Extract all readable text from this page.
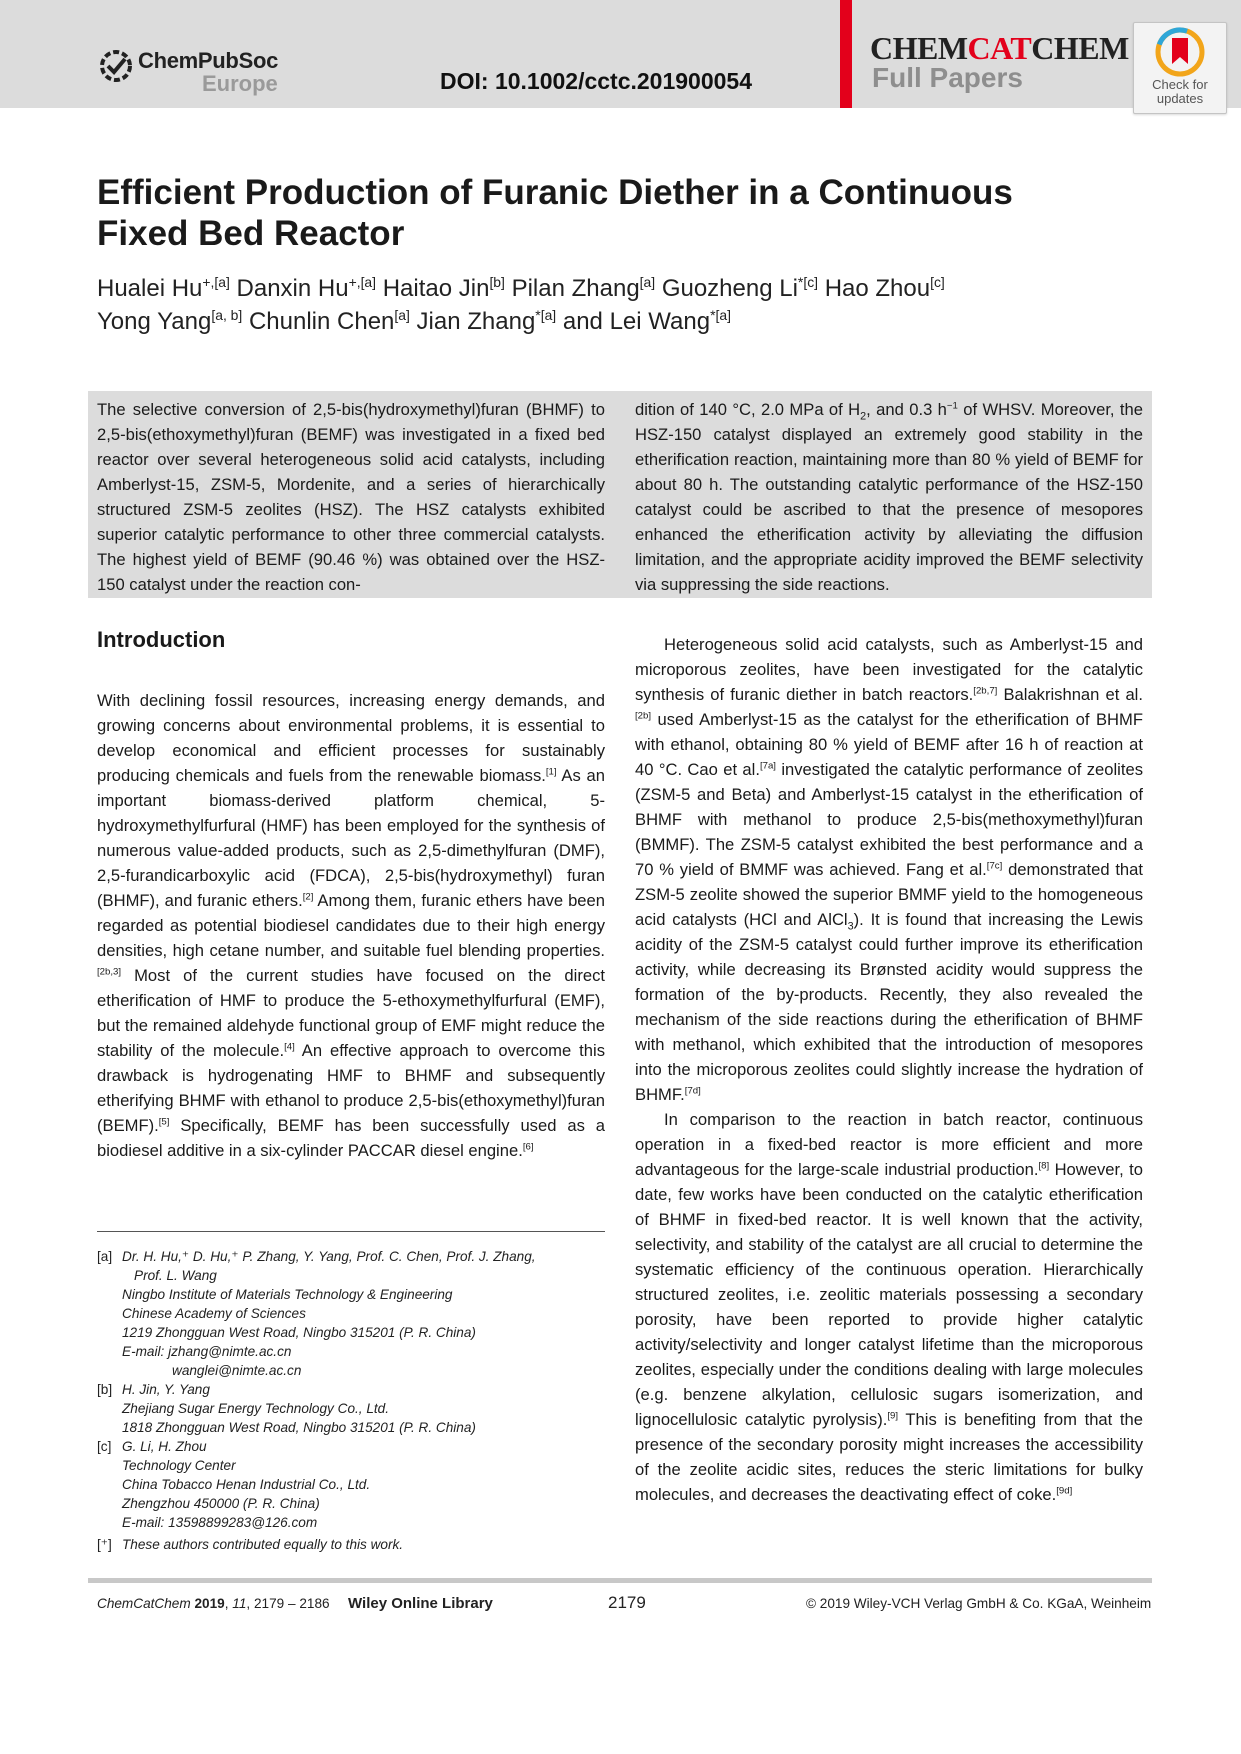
ChemPubSoc
Europe	DOI: 10.1002/cctc.201900054
CHEMCATCHEM
Full Papers	Check for
updates
Efficient Production of Furanic Diether in a Continuous Fixed Bed Reactor
Hualei $Hu^{+,[a]}$ Danxin $Hu^{+,[a]}$ Haitao Jin[b] Pilan Zhang[a] Guozheng $Li^{*[c]}$ Hao Zhou[c]
Yong Yang[a, b] Chunlin Chen[a] Jian Zhang$^{*[a]}$ and Lei Wang$^{*[a]}$
The selective conversion of 2,5-bis(hydroxymethyl)furan (BHMF) to 2,5-bis(ethoxymethyl)furan (BEMF) was investigated in a fixed bed reactor over several heterogeneous solid acid catalysts, including Amberlyst-15, ZSM-5, Mordenite, and a series of hierarchically structured ZSM-5 zeolites (HSZ). The HSZ catalysts exhibited superior catalytic performance to other three commercial catalysts. The highest yield of BEMF (90.46 %) was obtained over the HSZ-150 catalyst under the reaction con-
dition of 140 °C, 2.0 MPa of $H_2$, and 0.3 $h^{-1}$ of WHSV. Moreover, the HSZ-150 catalyst displayed an extremely good stability in the etherification reaction, maintaining more than 80 % yield of BEMF for about 80 h. The outstanding catalytic performance of the HSZ-150 catalyst could be ascribed to that the presence of mesopores enhanced the etherification activity by alleviating the diffusion limitation, and the appropriate acidity improved the BEMF selectivity via suppressing the side reactions.
Introduction

With declining fossil resources, increasing energy demands, and growing concerns about environmental problems, it is essential to develop economical and efficient processes for sustainably producing chemicals and fuels from the renewable biomass.[1] As an important biomass-derived platform chemical, 5-hydroxymethylfurfural (HMF) has been employed for the synthesis of numerous value-added products, such as 2,5-dimethylfuran (DMF), 2,5-furandicarboxylic acid (FDCA), 2,5-bis(hydroxymethyl) furan (BHMF), and furanic ethers.[2] Among them, furanic ethers have been regarded as potential biodiesel candidates due to their high energy densities, high cetane number, and suitable fuel blending properties.[2b,3] Most of the current studies have focused on the direct etherification of HMF to produce the 5-ethoxymethylfurfural (EMF), but the remained aldehyde functional group of EMF might reduce the stability of the molecule.[4] An effective approach to overcome this drawback is hydrogenating HMF to BHMF and subsequently etherifying BHMF with ethanol to produce 2,5-bis(ethoxymethyl)furan (BEMF).[5] Specifically, BEMF has been successfully used as a biodiesel additive in a six-cylinder PACCAR diesel engine.[6]

Heterogeneous solid acid catalysts, such as Amberlyst-15 and microporous zeolites, have been investigated for the catalytic synthesis of furanic diether in batch reactors.[2b,7] Balakrishnan et al.[2b] used Amberlyst-15 as the catalyst for the etherification of BHMF with ethanol, obtaining 80 % yield of BEMF after 16 h of reaction at 40 °C. Cao et al.[7a] investigated the catalytic performance of zeolites (ZSM-5 and Beta) and Amberlyst-15 catalyst in the etherification of BHMF with methanol to produce 2,5-bis(methoxymethyl)furan (BMMF). The ZSM-5 catalyst exhibited the best performance and a 70 % yield of BMMF was achieved. Fang et al.[7c] demonstrated that ZSM-5 zeolite showed the superior BMMF yield to the homogeneous acid catalysts (HCl and AlCl$_3$). It is found that increasing the Lewis acidity of the ZSM-5 catalyst could further improve its etherification activity, while decreasing its Brønsted acidity would suppress the formation of the by-products. Recently, they also revealed the mechanism of the side reactions during the etherification of BHMF with methanol, which exhibited that the introduction of mesopores into the microporous zeolites could slightly increase the hydration of BHMF.[7d]

In comparison to the reaction in batch reactor, continuous operation in a fixed-bed reactor is more efficient and more advantageous for the large-scale industrial production.[8] However, to date, few works have been conducted on the catalytic etherification of BHMF in fixed-bed reactor. It is well known that the activity, selectivity, and stability of the catalyst are all crucial to determine the systematic efficiency of the continuous operation. Hierarchically structured zeolites, i.e. zeolitic materials possessing a secondary porosity, have been reported to provide higher catalytic activity/selectivity and longer catalyst lifetime than the microporous zeolites, especially under the conditions dealing with large molecules (e.g. benzene alkylation, cellulosic sugars isomerization, and lignocellulosic catalytic pyrolysis).[9] This is benefiting from that the presence of the secondary porosity might increases the accessibility of the zeolite acidic sites, reduces the steric limitations for bulky molecules, and decreases the deactivating effect of coke.[9d]

[a] Dr. H. Hu,⁺ D. Hu,⁺ P. Zhang, Y. Yang, Prof. C. Chen, Prof. J. Zhang,
Prof. L. Wang
Ningbo Institute of Materials Technology & Engineering
Chinese Academy of Sciences
1219 Zhongguan West Road, Ningbo 315201 (P. R. China)
E-mail: jzhang@nimte.ac.cn
wanglei@nimte.ac.cn
[b] H. Jin, Y. Yang
Zhejiang Sugar Energy Technology Co., Ltd.
1818 Zhongguan West Road, Ningbo 315201 (P. R. China)
[c] G. Li, H. Zhou
Technology Center
China Tobacco Henan Industrial Co., Ltd.
Zhengzhou 450000 (P. R. China)
E-mail: 13598899283@126.com
[⁺] These authors contributed equally to this work.
ChemCatChem 2019, 11, 2179 – 2186 Wiley Online Library	2179	© 2019 Wiley-VCH Verlag GmbH & Co. KGaA, Weinheim
